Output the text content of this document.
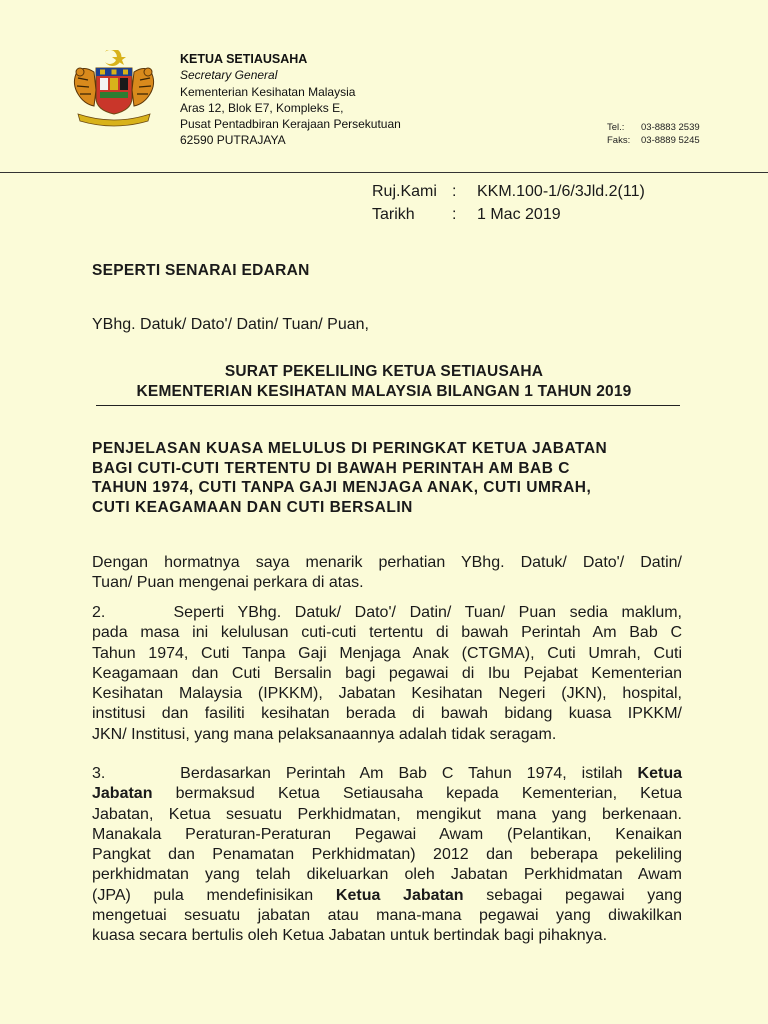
KETUA SETIAUSAHA
Secretary General
Kementerian Kesihatan Malaysia
Aras 12, Blok E7, Kompleks E,
Pusat Pentadbiran Kerajaan Persekutuan
62590 PUTRAJAYA
Tel.: 03-8883 2539
Faks: 03-8889 5245
Ruj.Kami :	KKM.100-1/6/3Jld.2(11)
Tarikh	:	1 Mac 2019
SEPERTI SENARAI EDARAN
YBhg. Datuk/ Dato'/ Datin/ Tuan/ Puan,
SURAT PEKELILING KETUA SETIAUSAHA
KEMENTERIAN KESIHATAN MALAYSIA BILANGAN 1 TAHUN 2019
PENJELASAN KUASA MELULUS DI PERINGKAT KETUA JABATAN
BAGI CUTI-CUTI TERTENTU DI BAWAH PERINTAH AM BAB C
TAHUN 1974, CUTI TANPA GAJI MENJAGA ANAK, CUTI UMRAH,
CUTI KEAGAMAAN DAN CUTI BERSALIN
Dengan hormatnya saya menarik perhatian YBhg. Datuk/ Dato'/ Datin/
Tuan/ Puan mengenai perkara di atas.
2.     Seperti YBhg. Datuk/ Dato'/ Datin/ Tuan/ Puan sedia maklum,
pada masa ini kelulusan cuti-cuti tertentu di bawah Perintah Am Bab C
Tahun 1974, Cuti Tanpa Gaji Menjaga Anak (CTGMA), Cuti Umrah, Cuti
Keagamaan dan Cuti Bersalin bagi pegawai di Ibu Pejabat Kementerian
Kesihatan Malaysia (IPKKM), Jabatan Kesihatan Negeri (JKN), hospital,
institusi dan fasiliti kesihatan berada di bawah bidang kuasa IPKKM/
JKN/ Institusi, yang mana pelaksanaannya adalah tidak seragam.
3.     Berdasarkan Perintah Am Bab C Tahun 1974, istilah Ketua
Jabatan bermaksud Ketua Setiausaha kepada Kementerian, Ketua
Jabatan, Ketua sesuatu Perkhidmatan, mengikut mana yang berkenaan.
Manakala Peraturan-Peraturan Pegawai Awam (Pelantikan, Kenaikan
Pangkat dan Penamatan Perkhidmatan) 2012 dan beberapa pekeliling
perkhidmatan yang telah dikeluarkan oleh Jabatan Perkhidmatan Awam
(JPA) pula mendefinisikan Ketua Jabatan sebagai pegawai yang
mengetuai sesuatu jabatan atau mana-mana pegawai yang diwakilkan
kuasa secara bertulis oleh Ketua Jabatan untuk bertindak bagi pihaknya.
